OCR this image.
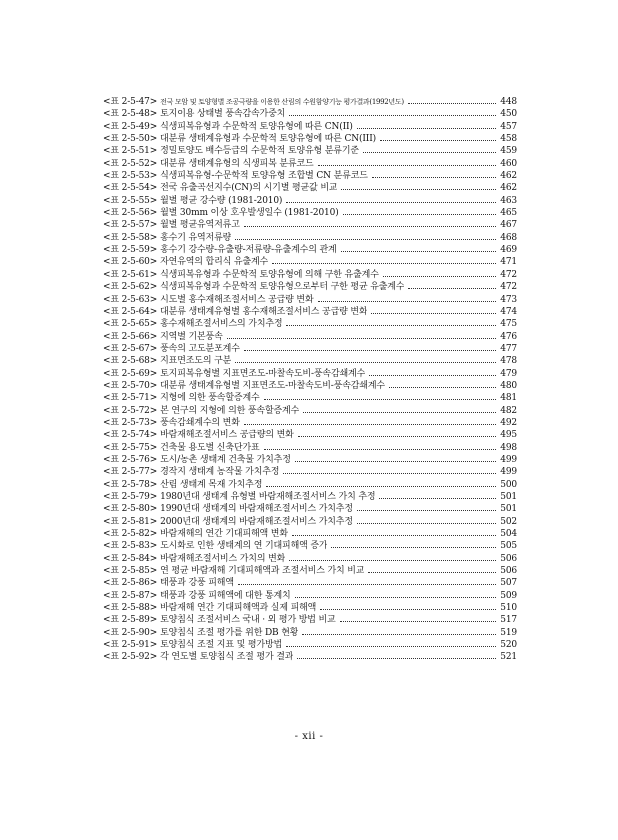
<표 2-5-47> 전국 모암 및 토양형별 조공극량을 이용한 산림의 수원함양기능 평가결과(1992년도)	448
<표 2-5-48> 토지이용 상태별 풍속감속가중치	450
<표 2-5-49> 식생피복유형과 수문학적 토양유형에 따른 CN(II)	457
<표 2-5-50> 대분류 생태계유형과 수문학적 토양유형에 따른 CN(III)	458
<표 2-5-51> 정밀토양도 배수등급의 수문학적 토양유형 분류기준	459
<표 2-5-52> 대분류 생태계유형의 식생피복 분류코드	460
<표 2-5-53> 식생피복유형-수문학적 토양유형 조합별 CN 분류코드	462
<표 2-5-54> 전국 유출곡선지수(CN)의 시기별 평균값 비교	462
<표 2-5-55> 월별 평균 강수량 (1981-2010)	463
<표 2-5-56> 월별 30mm 이상 호우발생일수 (1981-2010)	465
<표 2-5-57> 월별 평균유역저류고	467
<표 2-5-58> 홍수기 유역저류량	468
<표 2-5-59> 홍수기 강수량-유출량-저류량-유출계수의 관계	469
<표 2-5-60> 자연유역의 합리식 유출계수	471
<표 2-5-61> 식생피복유형과 수문학적 토양유형에 의해 구한 유출계수	472
<표 2-5-62> 식생피복유형과 수문학적 토양유형으로부터 구한 평균 유출계수	472
<표 2-5-63> 시도별 홍수재해조절서비스 공급량 변화	473
<표 2-5-64> 대분류 생태계유형별 홍수재해조절서비스 공급량 변화	474
<표 2-5-65> 홍수재해조절서비스의 가치추정	475
<표 2-5-66> 지역별 기본풍속	476
<표 2-5-67> 풍속의 고도분포계수	477
<표 2-5-68> 지표면조도의 구분	478
<표 2-5-69> 토지피복유형별 지표면조도-마찰속도비-풍속감쇄계수	479
<표 2-5-70> 대분류 생태계유형별 지표면조도-마찰속도비-풍속감쇄계수	480
<표 2-5-71> 지형에 의한 풍속할증계수	481
<표 2-5-72> 본 연구의 지형에 의한 풍속할증계수	482
<표 2-5-73> 풍속감쇄계수의 변화	492
<표 2-5-74> 바람재해조절서비스 공급량의 변화	495
<표 2-5-75> 건축물 용도별 신축단가표	498
<표 2-5-76> 도시/농촌 생태계 건축물 가치추정	499
<표 2-5-77> 경작지 생태계 농작물 가치추정	499
<표 2-5-78> 산림 생태계 목재 가치추정	500
<표 2-5-79> 1980년대 생태계 유형별 바람재해조절서비스 가치 추정	501
<표 2-5-80> 1990년대 생태계의 바람재해조절서비스 가치추정	501
<표 2-5-81> 2000년대 생태계의 바람재해조절서비스 가치추정	502
<표 2-5-82> 바람재해의 연간 기대피해액 변화	504
<표 2-5-83> 도시화로 인한 생태계의 연 기대피해액 증가	505
<표 2-5-84> 바람재해조절서비스 가치의 변화	506
<표 2-5-85> 연 평균 바람재해 기대피해액과 조절서비스 가치 비교	506
<표 2-5-86> 태풍과 강풍 피해액	507
<표 2-5-87> 태풍과 강풍 피해액에 대한 통계치	509
<표 2-5-88> 바람재해 연간 기대피해액과 실제 피해액	510
<표 2-5-89> 토양침식 조절서비스 국내 · 외 평가 방법 비교	517
<표 2-5-90> 토양침식 조절 평가를 위한 DB 현황	519
<표 2-5-91> 토양침식 조절 지표 및 평가방법	520
<표 2-5-92> 각 연도별 토양침식 조절 평가 결과	521
- xii -
